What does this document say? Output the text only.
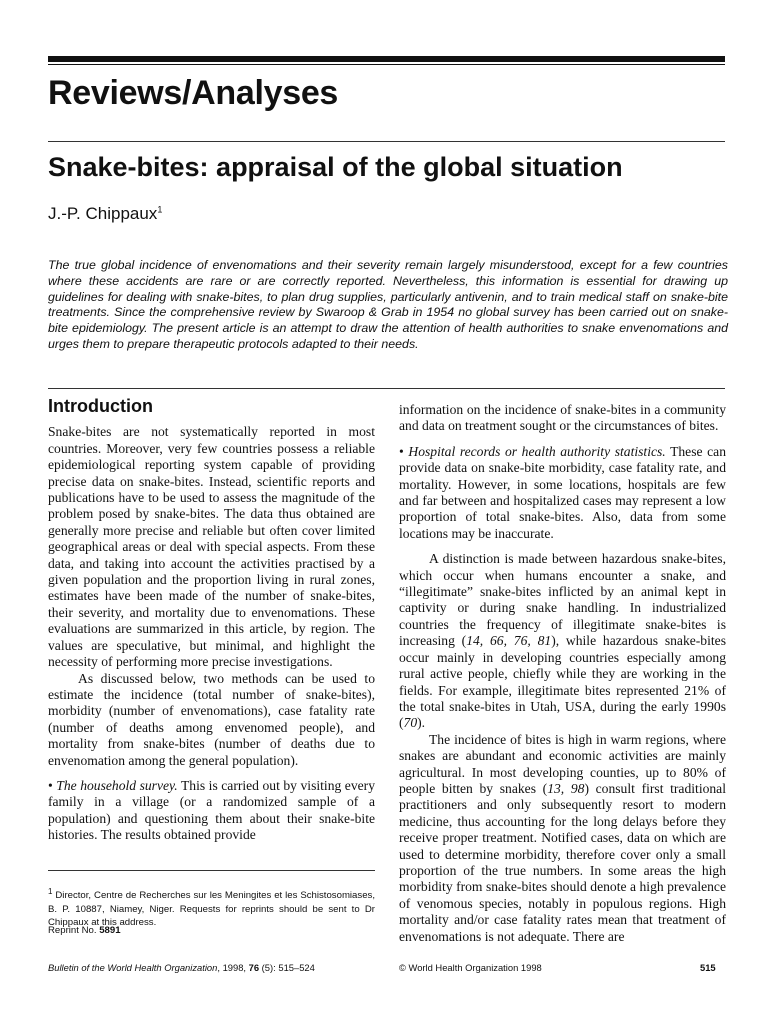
Reviews/Analyses
Snake-bites: appraisal of the global situation
J.-P. Chippaux$^1$

The true global incidence of envenomations and their severity remain largely misunderstood, except for a few countries where these accidents are rare or are correctly reported. Nevertheless, this information is essential for drawing up guidelines for dealing with snake-bites, to plan drug supplies, particularly antivenin, and to train medical staff on snake-bite treatments. Since the comprehensive review by Swaroop & Grab in 1954 no global survey has been carried out on snake-bite epidemiology. The present article is an attempt to draw the attention of health authorities to snake envenomations and urges them to prepare therapeutic protocols adapted to their needs.

Introduction

Snake-bites are not systematically reported in most countries. Moreover, very few countries possess a reliable epidemiological reporting system capable of providing precise data on snake-bites. Instead, scientific reports and publications have to be used to assess the magnitude of the problem posed by snake-bites. The data thus obtained are generally more precise and reliable but often cover limited geographical areas or deal with special aspects. From these data, and taking into account the activities practised by a given population and the proportion living in rural zones, estimates have been made of the number of snake-bites, their severity, and mortality due to envenomations. These evaluations are summarized in this article, by region. The values are speculative, but minimal, and highlight the necessity of performing more precise investigations.

As discussed below, two methods can be used to estimate the incidence (total number of snake-bites), morbidity (number of envenomations), case fatality rate (number of deaths among envenomed people), and mortality from snake-bites (number of deaths due to envenomation among the general population).

• The household survey. This is carried out by visiting every family in a village (or a randomized sample of a population) and questioning them about their snake-bite histories. The results obtained provide

information on the incidence of snake-bites in a community and data on treatment sought or the circumstances of bites.

• Hospital records or health authority statistics. These can provide data on snake-bite morbidity, case fatality rate, and mortality. However, in some locations, hospitals are few and far between and hospitalized cases may represent a low proportion of total snake-bites. Also, data from some locations may be inaccurate.

A distinction is made between hazardous snake-bites, which occur when humans encounter a snake, and “illegitimate” snake-bites inflicted by an animal kept in captivity or during snake handling. In industrialized countries the frequency of illegitimate snake-bites is increasing (14, 66, 76, 81), while hazardous snake-bites occur mainly in developing countries especially among rural active people, chiefly while they are working in the fields. For example, illegitimate bites represented 21% of the total snake-bites in Utah, USA, during the early 1990s (70).

The incidence of bites is high in warm regions, where snakes are abundant and economic activities are mainly agricultural. In most developing counties, up to 80% of people bitten by snakes (13, 98) consult first traditional practitioners and only subsequently resort to modern medicine, thus accounting for the long delays before they receive proper treatment. Notified cases, data on which are used to determine morbidity, therefore cover only a small proportion of the true numbers. In some areas the high morbidity from snake-bites should denote a high prevalence of venomous species, notably in populous regions. High mortality and/or case fatality rates mean that treatment of envenomations is not adequate. There are

$^1$ Director, Centre de Recherches sur les Meningites et les Schistosomiases, B. P. 10887, Niamey, Niger. Requests for reprints should be sent to Dr Chippaux at this address.

Reprint No. 5891
Bulletin of the World Health Organization, 1998, 76 (5): 515–524	© World Health Organization 1998	515
